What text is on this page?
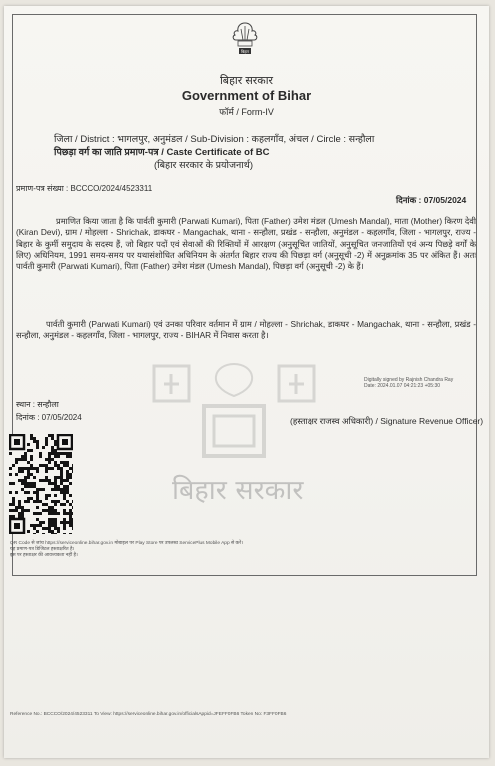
बिहार
बिहार सरकार
Government of Bihar
फॉर्म / Form-IV
जिला / District : भागलपुर, अनुमंडल / Sub-Division : कहलगाँव, अंचल / Circle : सन्हौला
पिछड़ा वर्ग का जाति प्रमाण-पत्र / Caste Certificate of BC
(बिहार सरकार के प्रयोजनार्थ)
प्रमाण-पत्र संख्या : BCCCO/2024/4523311
दिनांक : 07/05/2024
बिहार सरकार
प्रमाणित किया जाता है कि पार्वती कुमारी (Parwati Kumari), पिता (Father) उमेश मंडल (Umesh Mandal), माता (Mother) किरण देवी (Kiran Devi), ग्राम / मोहल्ला - Shrichak, डाकघर - Mangachak, थाना - सन्हौला, प्रखंड - सन्हौला, अनुमंडल - कहलगाँव, जिला - भागलपुर, राज्य - बिहार के कुर्मी समुदाय के सदस्य हैं, जो बिहार पदों एवं सेवाओं की रिक्तियों में आरक्षण (अनुसूचित जातियों, अनुसूचित जनजातियों एवं अन्य पिछड़े वर्गों के लिए) अधिनियम, 1991 समय-समय पर यथासंशोधित अधिनियम के अंतर्गत बिहार राज्य की पिछड़ा वर्ग (अनुसूची -2) में अनुक्रमांक 35 पर अंकित हैं। अतः पार्वती कुमारी (Parwati Kumari), पिता (Father) उमेश मंडल (Umesh Mandal), पिछड़ा वर्ग (अनुसूची -2) के हैं।
पार्वती कुमारी (Parwati Kumari) एवं उनका परिवार वर्तमान में ग्राम / मोहल्ला - Shrichak, डाकघर - Mangachak, थाना - सन्हौला, प्रखंड - सन्हौला, अनुमंडल - कहलगाँव, जिला - भागलपुर, राज्य - BIHAR में निवास करता है।
Digitally signed by Rajnish Chandra Ray
Date: 2024.01.07 04:21:23 +05:30
स्थान : सन्हौला
दिनांक : 07/05/2024	(हस्ताक्षर राजस्व अधिकारी) / Signature Revenue Officer)
QR Code से जांच https://serviceonline.bihar.gov.in मोबाइल पर Play Store पर उपलब्ध ServicePlus Mobile App से करें।
यह प्रमाण-पत्र डिजिटल हस्ताक्षरित है।
इस पर हस्ताक्षर की आवश्यकता नहीं है।
Reference No.: BCCCO/2024/4523311 To View: https://serviceonline.bihar.gov.in/officialsAppid=JFEFF0FB6 Token No: F3FF0FB6
